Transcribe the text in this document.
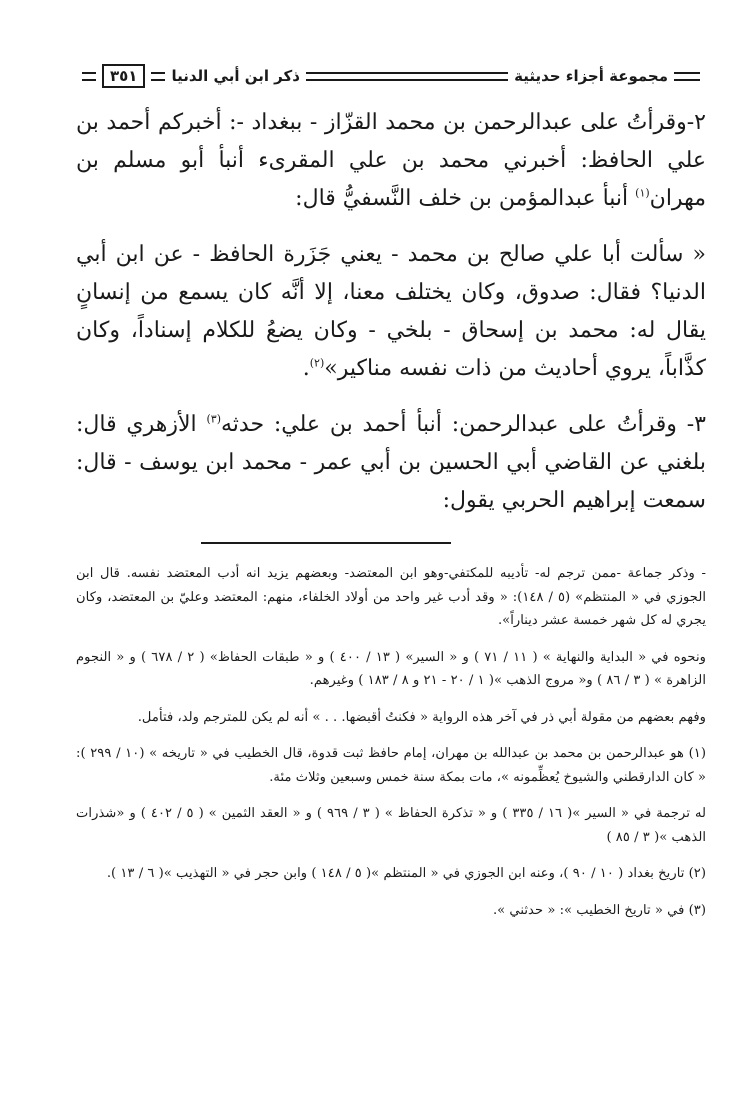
مجموعة أجزاء حديثية
ذكر ابن أبي الدنيا
٣٥١

٢-وقرأتُ على عبدالرحمن بن محمد القزّاز - ببغداد -: أخبركم أحمد بن علي الحافظ: أخبرني محمد بن علي المقرىء أنبأ أبو مسلم بن مهران$^{(١)}$ أنبأ عبدالمؤمن بن خلف النَّسفيُّ قال:

« سألت أبا علي صالح بن محمد - يعني جَزَرة الحافظ - عن ابن أبي الدنيا؟ فقال: صدوق، وكان يختلف معنا، إلا أنَّه كان يسمع من إنسانٍ يقال له: محمد بن إسحاق - بلخي - وكان يضعُ للكلام إسناداً، وكان كذَّاباً، يروي أحاديث من ذات نفسه مناكير»$^{(٢)}$.

٣- وقرأتُ على عبدالرحمن: أنبأ أحمد بن علي: حدثه$^{(٣)}$ الأزهري قال: بلغني عن القاضي أبي الحسين بن أبي عمر - محمد ابن يوسف - قال: سمعت إبراهيم الحربي يقول:

- وذكر جماعة -ممن ترجم له- تأديبه للمكتفي-وهو ابن المعتضد- وبعضهم يزيد انه أدب المعتضد نفسه. قال ابن الجوزي في « المنتظم» (٥ / ١٤٨): « وقد أدب غير واحد من أولاد الخلفاء، منهم: المعتضد وعليّ بن المعتضد، وكان يجري له كل شهر خمسة عشر ديناراً».

ونحوه في « البداية والنهاية » ( ١١ / ٧١ ) و « السير» ( ١٣ / ٤٠٠ ) و « طبقات الحفاظ» ( ٢ / ٦٧٨ ) و « النجوم الزاهرة » ( ٣ / ٨٦ ) و« مروج الذهب »( ١ / ٢٠ - ٢١ و ٨ / ١٨٣ ) وغيرهم.

وفهم بعضهم من مقولة أبي ذر في آخر هذه الرواية « فكنتُ أقبضها. . . » أنه لم يكن للمترجم ولد، فتأمل.

(١) هو عبدالرحمن بن محمد بن عبدالله بن مهران، إمام حافظ ثبت قدوة، قال الخطيب في « تاريخه » (١٠ / ٢٩٩ ): « كان الدارقطني والشيوخ يُعظِّمونه »، مات بمكة سنة خمس وسبعين وثلاث مئة.

له ترجمة في « السير »( ١٦ / ٣٣٥ ) و « تذكرة الحفاظ » ( ٣ / ٩٦٩ ) و « العقد الثمين » ( ٥ / ٤٠٢ ) و «شذرات الذهب »( ٣ / ٨٥ )

(٢) تاريخ بغداد ( ١٠ / ٩٠ )، وعنه ابن الجوزي في « المنتظم »( ٥ / ١٤٨ ) وابن حجر في « التهذيب »( ٦ / ١٣ ).

(٣) في « تاريخ الخطيب »: « حدثني ».
